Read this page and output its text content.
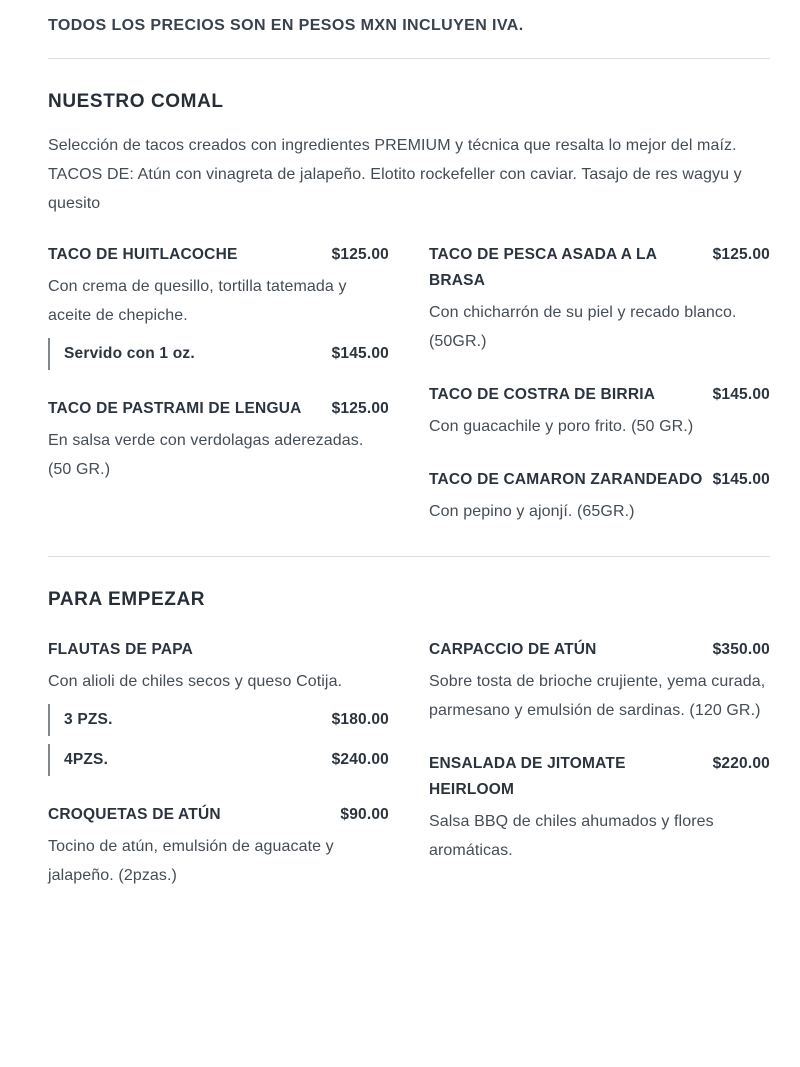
TODOS LOS PRECIOS SON EN PESOS MXN INCLUYEN IVA.
NUESTRO COMAL

Selección de tacos creados con ingredientes PREMIUM y técnica que resalta lo mejor del maíz. TACOS DE: Atún con vinagreta de jalapeño. Elotito rockefeller con caviar. Tasajo de res wagyu y quesito

TACO DE HUITLACOCHE	$125.00

Con crema de quesillo, tortilla tatemada y aceite de chepiche.

Servido con 1 oz.	$145.00
TACO DE PASTRAMI DE LENGUA	$125.00

En salsa verde con verdolagas aderezadas. (50 GR.)

TACO DE PESCA ASADA A LA BRASA
$125.00

Con chicharrón de su piel y recado blanco. (50GR.)

TACO DE COSTRA DE BIRRIA	$145.00

Con guacachile y poro frito. (50 GR.)

TACO DE CAMARON ZARANDEADO $145.00

Con pepino y ajonjí. (65GR.)

PARA EMPEZAR
FLAUTAS DE PAPA

Con alioli de chiles secos y queso Cotija.

3 PZS.	$180.00
4PZS.	$240.00
CROQUETAS DE ATÚN	$90.00

Tocino de atún, emulsión de aguacate y jalapeño. (2pzas.)

CARPACCIO DE ATÚN	$350.00

Sobre tosta de brioche crujiente, yema curada, parmesano y emulsión de sardinas. (120 GR.)

ENSALADA DE JITOMATE HEIRLOOM
$220.00

Salsa BBQ de chiles ahumados y flores aromáticas.
